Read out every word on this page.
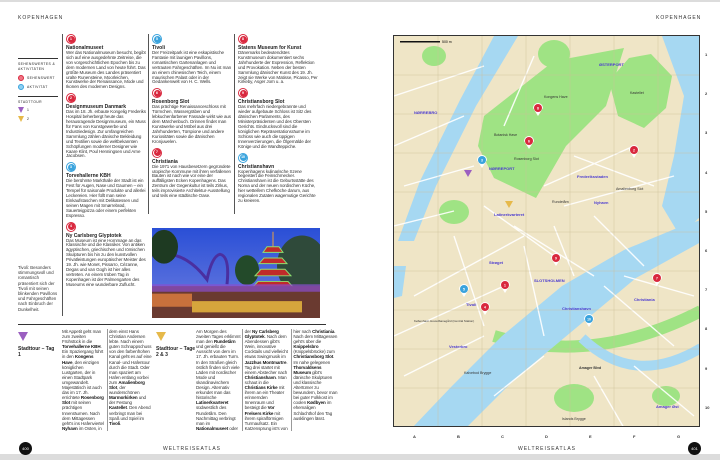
KOPENHAGEN
SEHENSWERTES & AKTIVITÄTEN
SEHENSWERT
AKTIVITÄT
STADTTOUR
1
2
1
Nationalmuseet

Wer das Nationalmuseum besucht, begibt sich auf eine ausgedehnte Zeitreise, die von vorgeschichtlichen Epochen bis zu dem modernen Land von heute führt. Das größte Museum des Landes präsentiert uralte Runensteine, Moorleichen, Kunstwerke der Renaissance, Mode und Ikonen des modernen Designs.

2
Designmuseum Danmark

Das im 18. Jh. erbaute Kongelig Frederiks Hospital beherbergt heute das herausragende Designmuseum, ein Muss für Fans von Kunstgewerbe und Industriedesign. Zur umfangreichen Sammlung zählen dänische Bekleidung und Textilien sowie die weltbekannten Schöpfungen moderner Designer wie Kaare Klint, Poul Henningsen und Arne Jacobsen.

3
Torvehallerne KBH

Die berühmte Markthalle der Stadt ist ein Fest für Augen, Nase und Gaumen – ein Tempel für saisonale Produkte und allerlei Leckereien. Hier füllt man seine Einkaufstaschen mit Delikatessen und seinen Magen mit Smørrebrød, Sauerteigpizza oder einem perfekten Espresso.

4
Ny Carlsberg Glyptotek

Das Museum ist eine Hommage an das Klassische und die Klassiker. Von antiken ägyptischen, griechischen und römischen Skulpturen bis hin zu den kunstvollen Privatleistungen europäischer Meister des 19. Jh. wie Monet, Pissarro, Cézanne, Degas und van Gogh ist hier alles vertreten. An einem trüben Tag in Kopenhagen ist der Palmengarten des Museums eine wunderbare Zuflucht.

5
Tivoli

Der Freizeitpark ist eine eskapistische Fantasie mit launigen Pavillons, romantischen Gartenanlagen und vertrauten Fahrgeschäften. Im Nu ist man an einem chinesischen Teich, einem maurischen Palast oder in der Gedankenwelt von H. C. Wells.

6
Rosenborg Slot

Das prächtige Renaissanceschloss mit Türmchen, Wassergräben und lebkuchenfarbener Fassade wirkt wie aus dem Märchenbuch. Drinnen findet man Kunstwerke und Möbel aus drei Jahrhunderten, Türspione und andere Kuriositäten sowie die dänischen Kronjuwelen.

7
Christiania

Die 1971 von Hausbesetzern gegründete utopische Kommune mit ihren verfallenen Bauten ist nach wie vor eine der auffälligsten Ecken Kopenhagens. Das Zentrum der Gegenkultur ist teils Zirkus, teils improvisierte Architektur-Ausstellung und teils eine städtische Oase.

8
Statens Museum for Kunst

Dänemarks bedeutendstes Kunstmuseum dokumentiert sechs Jahrhunderte der Expression, Reflektion und Provokation. Neben der besten Sammlung dänischer Kunst des 19. Jh. zeigt sie Werke von Matisse, Picasso, Per Kirkeby, Asger Jorn u. a.

9
Christiansborg Slot

Das mehrfach niedergebrannte und wieder aufgebaute Schloss ist Sitz des dänischen Parlaments, des Ministerpräsidenten und des Obersten Gerichts. Eindrucksvoll sind die königlichen Repräsentationsräume im Schloss wie auch die üppigen Innenverzierungen, die Ölgemälde der Könige und die Wandteppiche.

10
Christianshavn

Kopenhagens kulinarische Szene begeistert die Feinschmecker. Christianshavn ist die Geburtsstätte des Noma und der neuen nordischen Küche, hier wetteifern Chefköche darum, aus regionalen Zutaten wagemutige Gerichte zu kreieren.

Tivoli: Besonders stimmungsvoll und romantisch präsentiert sich der Tivoli mit seinen blinkenden Pavillons und Fahrgeschäften nach Einbruch der Dunkelheit.
Stadttour – Tag 1
Mit Appetit geht man zum zweiten Frühstück in die Torvehallerne KBH. Ein Spaziergang führt in den Kongens Have, den einzigen königlichen Lustgarten, der in einen Stadtpark umgewandelt. Majestätisch ist auch das im 17. Jh. errichtete Rosenborg Slot mit seinen prächtigen Innenräumen. Nach dem Mittagessen geht's ins Hafenviertel Nyhavn im Osten, in dem einst Hans Christian Andersen lebte. Nach einem guten Schnappschuss von den farbenfrohen Kanal geht es auf eine Kanal- und Hafentour durch die Stadt. Oder man spaziert am Hafen entlang vorbei zum Amalienborg Slot, der wunderschönen Marmorkirken und der Festung Kastellet. Den Abend verbringt man bei Spaß und Spiel im Tivoli.
Stadttour – Tage 2 & 3
Am Morgen des zweiten Tages erklimmt man den Rundetårn und genießt die Aussicht von dem im 17. Jh. erbauten Turm. In den Straßen gleich östlich finden sich viele Läden mit nordischer Mode und skandinavischem Design. Alternativ erkundet man das historische Latinerkvarteret südwestlich des Rundetårn. Den Nachmittag verbringt man im Nationalmuseet oder der Ny Carlsberg Glyptotek. Nach dem Abendessen gibt's Wein, innovative Cocktails und vielleicht etwas Swingmusik im Jazzhus Montmartre. Tag drei startet mit einem Abstecher nach Christianshavn. Man schaut in die Christians Kirke mit ihrem an ein Theater erinnernden Innenraum und besteigt die Vor Frelsers Kirke mit ihrem spiralförmigen Turmaufsatz. Ein Katzensprung ist's von hier nach Christiania. Nach dem Mittagessen geht's über die Knippelsbro (Knippelsbrücke) zum Christiansborg Slot. Im nahe gelegenen Thorvaldsens Museum gibt's dänische Skulpturen und klassische Altertümer zu bewundern, bevor man bei guter Folkkost im coolen Kødbyen im ehemaligen Schlachthof den Tag ausklingen lässt.
400	WELTREISEATLAS
KOPENHAGEN
500 m
NØRREBRO
ØSTERPORT
NØRREPORT
Frederiksstaden
Nyhavn
Latinerkvarteret
Strøget
SLOTSHOLMEN
Tivoli
Christianshavn
Christiania
Vesterbro
Amager Øst
Kastellet
Botanisk Have
Rosenborg Slot
Amalienborg Slot
Rundetårn
København Hovedbanegård (Central Station)
Amager Blvd
Islands Brygge
Kalvebod Brygge
Kongens Have
1
2
3
4
5
6
7
8
9
10
A	B	C	D	E	F	G
1
2
3
4
5
6
7
8
9
10
401
WELTREISEATLAS
